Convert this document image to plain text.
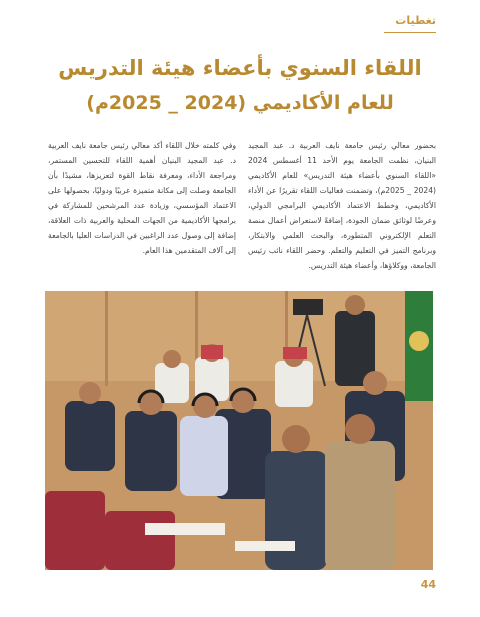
تغطيات
اللقاء السنوي بأعضاء هيئة التدريس
للعام الأكاديمي (2024 _ 2025م)
بحضور معالي رئيس جامعة نايف العربية د. عبد المجيد البنيان، نظمت الجامعة يوم الأحد 11 أغسطس 2024 «اللقاء السنوي بأعضاء هيئة التدريس» للعام الأكاديمي (2024 _ 2025م)، وتضمنت فعاليات اللقاء تقريرًا عن الأداء الأكاديمي، وخطط الاعتماد الأكاديمي البرامجي الدولي، وعرضًا لوثائق ضمان الجودة، إضافةً لاستعراض أعمال منصة التعلم الإلكتروني المتطورة، والبحث العلمي والابتكار، وبرنامج التميز في التعليم والتعلم. وحضر اللقاء نائب رئيس الجامعة، ووكلاؤها، وأعضاء هيئة التدريس.
وفي كلمته خلال اللقاء أكد معالي رئيس جامعة نايف العربية د. عبد المجيد البنيان أهمية اللقاء للتحسين المستمر، ومراجعة الأداء، ومعرفة نقاط القوة لتعزيزها، مشيدًا بأن الجامعة وصلت إلى مكانة متميزة عربيًا ودوليًا، بحصولها على الاعتماد المؤسسي، وزيادة عدد المرشحين للمشاركة في برامجها الأكاديمية من الجهات المحلية والعربية ذات العلاقة، إضافة إلى وصول عدد الراغبين في الدراسات العليا بالجامعة إلى آلاف المتقدمين هذا العام.
44
